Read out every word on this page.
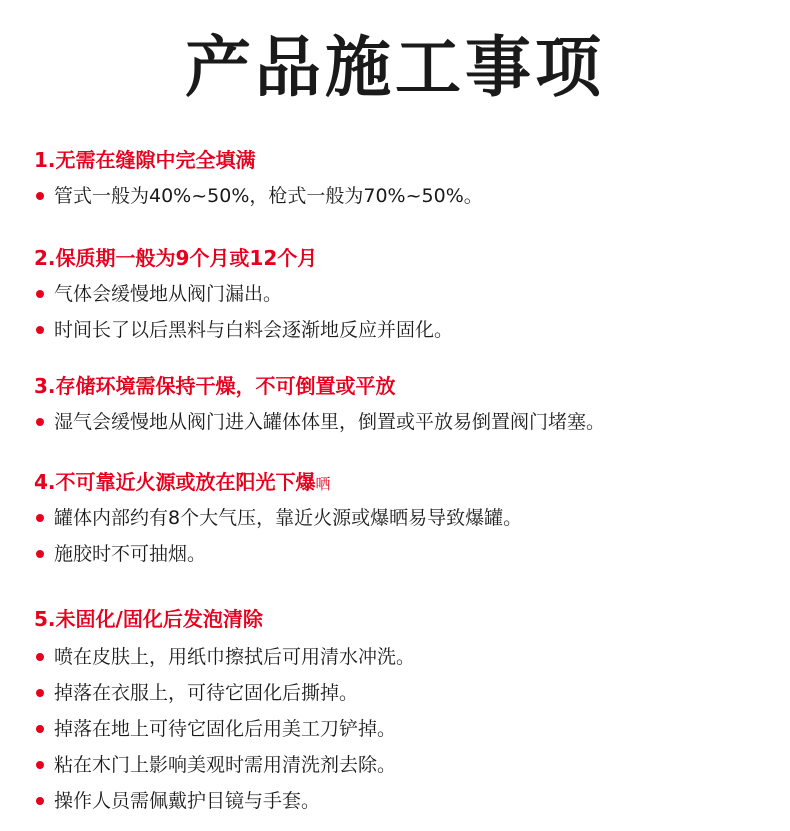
产品施工事项
1.无需在缝隙中完全填满
管式一般为40%~50%，枪式一般为70%~50%。
2.保质期一般为9个月或12个月
气体会缓慢地从阀门漏出。
时间长了以后黑料与白料会逐渐地反应并固化。
3.存储环境需保持干燥，不可倒置或平放
湿气会缓慢地从阀门进入罐体体里，倒置或平放易倒置阀门堵塞。
4.不可靠近火源或放在阳光下爆哂
罐体内部约有8个大气压，靠近火源或爆晒易导致爆罐。
施胶时不可抽烟。
5.未固化/固化后发泡清除
喷在皮肤上，用纸巾擦拭后可用清水冲洗。
掉落在衣服上，可待它固化后撕掉。
掉落在地上可待它固化后用美工刀铲掉。
粘在木门上影响美观时需用清洗剂去除。
操作人员需佩戴护目镜与手套。
